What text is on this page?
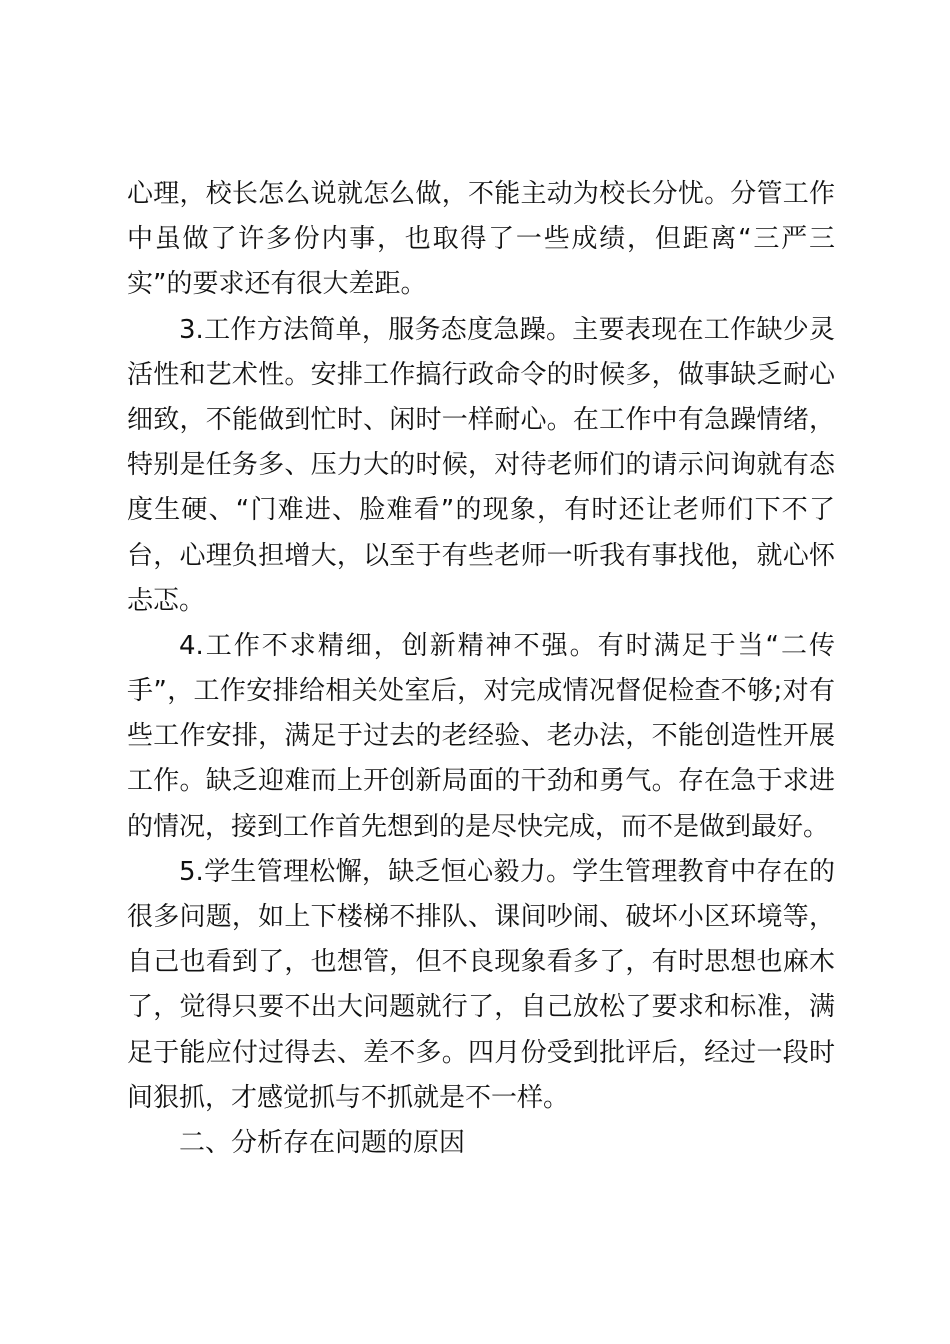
心理，校长怎么说就怎么做，不能主动为校长分忧。分管工作
中虽做了许多份内事，也取得了一些成绩，但距离“三严三
实”的要求还有很大差距。
3.工作方法简单，服务态度急躁。主要表现在工作缺少灵
活性和艺术性。安排工作搞行政命令的时候多，做事缺乏耐心
细致，不能做到忙时、闲时一样耐心。在工作中有急躁情绪，
特别是任务多、压力大的时候，对待老师们的请示问询就有态
度生硬、“门难进、脸难看”的现象，有时还让老师们下不了
台，心理负担增大，以至于有些老师一听我有事找他，就心怀
忐忑。
4.工作不求精细，创新精神不强。有时满足于当“二传
手”，工作安排给相关处室后，对完成情况督促检查不够;对有
些工作安排，满足于过去的老经验、老办法，不能创造性开展
工作。缺乏迎难而上开创新局面的干劲和勇气。存在急于求进
的情况，接到工作首先想到的是尽快完成，而不是做到最好。
5.学生管理松懈，缺乏恒心毅力。学生管理教育中存在的
很多问题，如上下楼梯不排队、课间吵闹、破坏小区环境等，
自己也看到了，也想管，但不良现象看多了，有时思想也麻木
了，觉得只要不出大问题就行了，自己放松了要求和标准，满
足于能应付过得去、差不多。四月份受到批评后，经过一段时
间狠抓，才感觉抓与不抓就是不一样。
二、分析存在问题的原因
